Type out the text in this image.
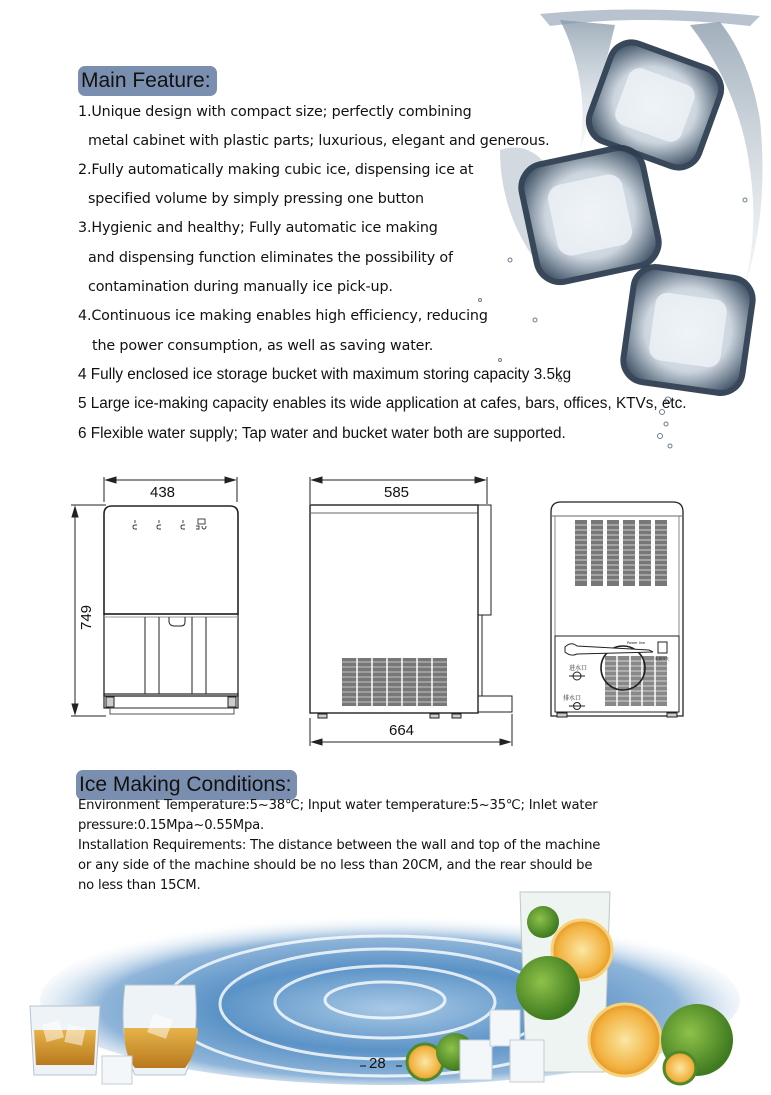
Main Feature:
1.Unique design with compact size; perfectly combining
metal cabinet with plastic parts; luxurious, elegant and generous.
2.Fully automatically making cubic ice, dispensing ice at
specified volume by simply pressing one button
3.Hygienic and healthy; Fully automatic ice making
and dispensing function eliminates the possibility of
contamination during manually ice pick-up.
4.Continuous ice making enables high efficiency, reducing
the power consumption, as well as saving water.
4 Fully enclosed ice storage bucket with maximum storing capacity 3.5kg
5 Large ice-making capacity enables its wide application at cafes, bars, offices, KTVs, etc.
6 Flexible water supply; Tap water and bucket water both are supported.
438
749
585
664
进水口
排水口
电源开关
Power line
Ice Making Conditions:
Environment Temperature:5~38℃; Input water temperature:5~35℃; Inlet water
pressure:0.15Mpa~0.55Mpa.
Installation Requirements: The distance between the wall and top of the machine
or any side of the machine should be no less than 20CM, and the rear should be
no less than 15CM.
28
